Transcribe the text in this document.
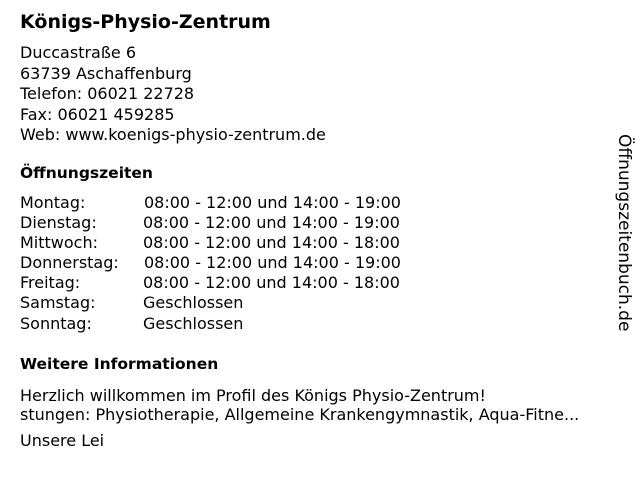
Königs-Physio-Zentrum
Duccastraße 6
63739 Aschaffenburg
Telefon: 06021 22728
Fax: 06021 459285
Web: www.koenigs-physio-zentrum.de
Öffnungszeiten
Montag:	08:00 - 12:00 und 14:00 - 19:00
Dienstag:	08:00 - 12:00 und 14:00 - 19:00
Mittwoch:	08:00 - 12:00 und 14:00 - 18:00
Donnerstag: 08:00 - 12:00 und 14:00 - 19:00
Freitag:	08:00 - 12:00 und 14:00 - 18:00
Samstag:	Geschlossen
Sonntag:	Geschlossen
Weitere Informationen
Herzlich willkommen im Profil des Königs Physio-Zentrum!
stungen: Physiotherapie, Allgemeine Krankengymnastik, Aqua-Fitne...
Unsere Lei
Öffnungszeitenbuch.de
